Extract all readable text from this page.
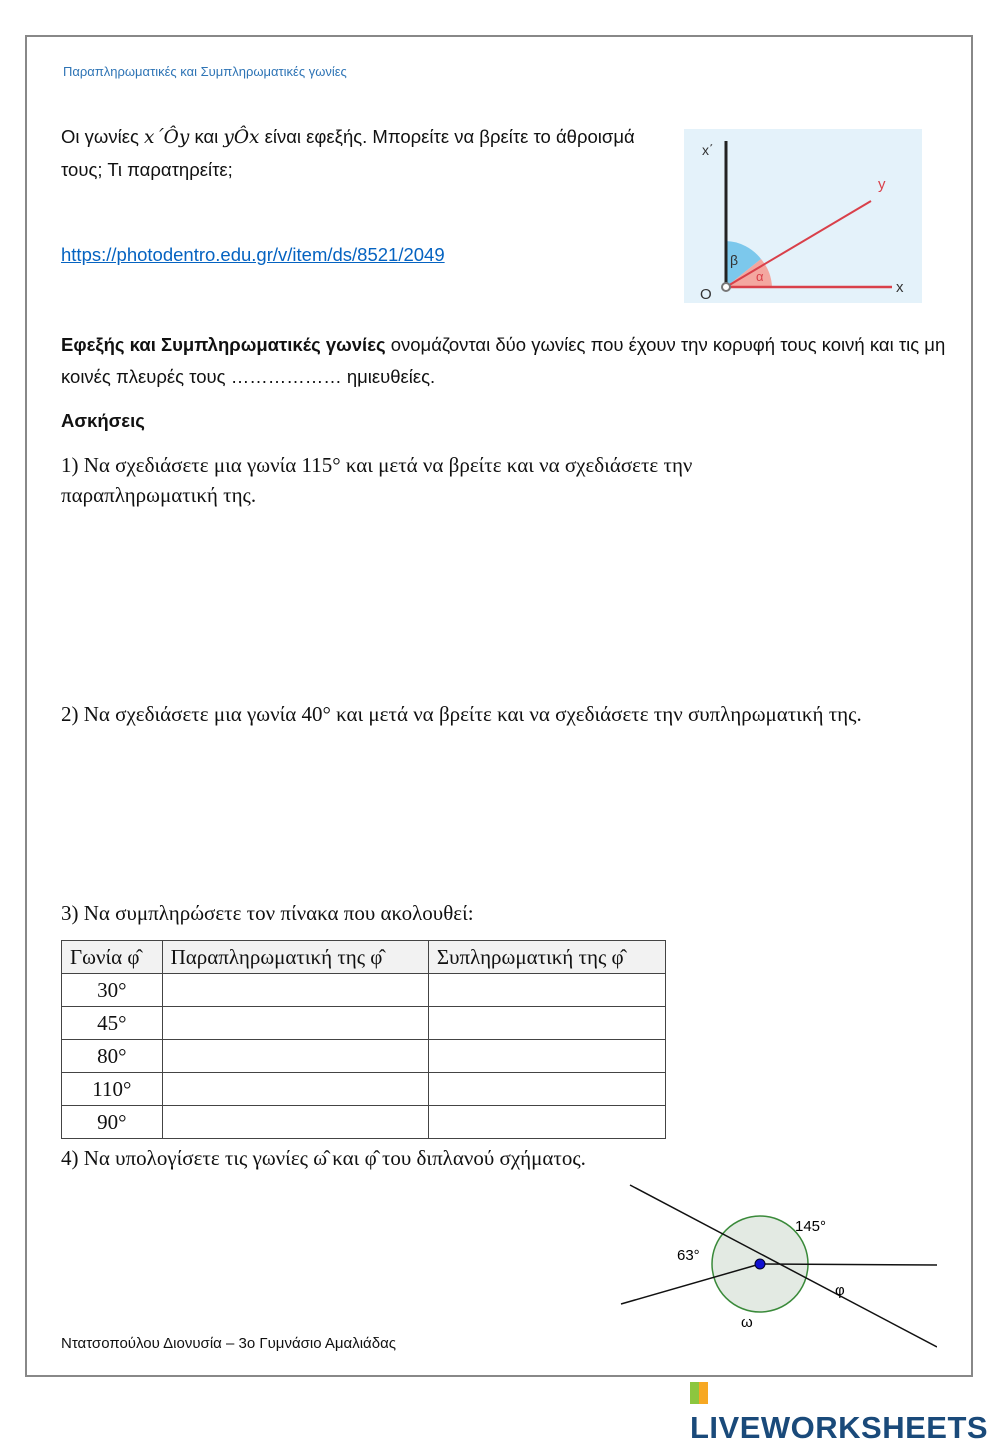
Παραπληρωματικές και Συμπληρωματικές γωνίες
Οι γωνίες x΄Ôy και yÔx είναι εφεξής. Μπορείτε να βρείτε το άθροισμά τους; Τι παρατηρείτε;
https://photodentro.edu.gr/v/item/ds/8521/2049
x΄
y
x
O
β
α
Εφεξής και Συμπληρωματικές γωνίες ονομάζονται δύο γωνίες που έχουν την κορυφή τους κοινή και τις μη κοινές πλευρές τους ……………… ημιευθείες.
Ασκήσεις
1) Να σχεδιάσετε μια γωνία 115° και μετά να βρείτε και να σχεδιάσετε την παραπληρωματική της.
2) Να σχεδιάσετε μια γωνία 40° και μετά να βρείτε και να σχεδιάσετε την συπληρωματική της.
3) Να συμπληρώσετε τον πίνακα που ακολουθεί:
Γωνία φ̂	Παραπληρωματική της φ̂	Συπληρωματική της φ̂
30°		
45°		
80°		
110°		
90°		
4) Να υπολογίσετε τις γωνίες ω̂ και φ̂ του διπλανού σχήματος.
145°
63°
φ
ω
Ντατσοπούλου Διονυσία – 3ο Γυμνάσιο Αμαλιάδας
LIVEWORKSHEETS
